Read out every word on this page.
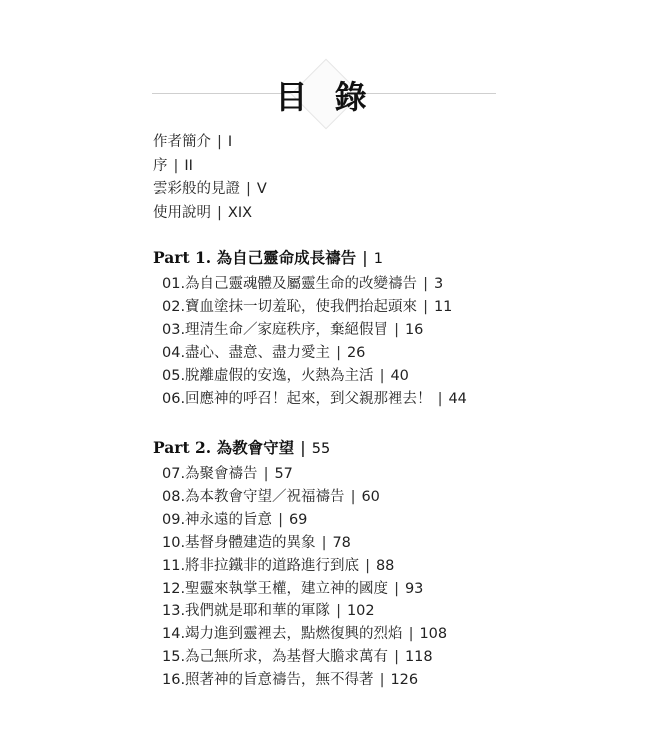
目 錄
作者簡介 | I
序 | II
雲彩般的見證 | V
使用說明 | XIX
Part 1. 為自己靈命成長禱告 | 1
01.為自己靈魂體及屬靈生命的改變禱告 | 3
02.寶血塗抹一切羞恥，使我們抬起頭來 | 11
03.理清生命／家庭秩序，棄絕假冒 | 16
04.盡心、盡意、盡力愛主 | 26
05.脫離虛假的安逸，火熱為主活 | 40
06.回應神的呼召！起來，到父親那裡去！ | 44
Part 2. 為教會守望 | 55
07.為聚會禱告 | 57
08.為本教會守望／祝福禱告 | 60
09.神永遠的旨意 | 69
10.基督身體建造的異象 | 78
11.將非拉鐵非的道路進行到底 | 88
12.聖靈來執掌王權，建立神的國度 | 93
13.我們就是耶和華的軍隊 | 102
14.竭力進到靈裡去，點燃復興的烈焰 | 108
15.為己無所求，為基督大膽求萬有 | 118
16.照著神的旨意禱告，無不得著 | 126
